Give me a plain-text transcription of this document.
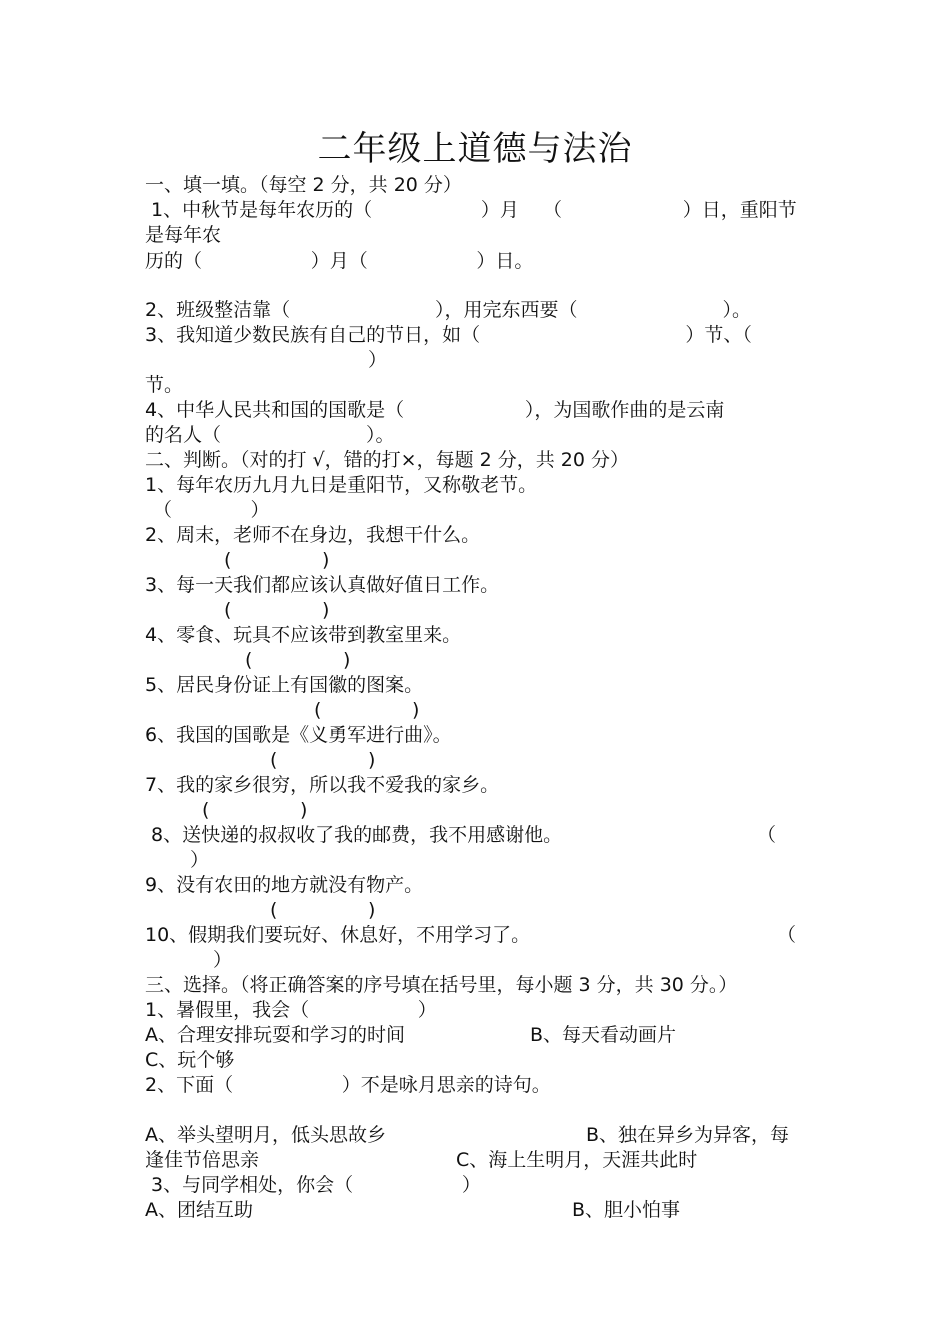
二年级上道德与法治

一、填一填。（每空 2 分，共 20 分）

1、中秋节是每年农历的（                  ）月    （                    ）日，重阳节

是每年农

历的（                  ）月（                  ）日。

2、班级整洁靠（                        ），用完东西要（                        ）。

3、我知道少数民族有自己的节日，如（                                  ）节、（

）

节。

4、中华人民共和国的国歌是（                    ），为国歌作曲的是云南

的名人（                        ）。

二、判断。（对的打 √，错的打×，每题 2 分，共 20 分）

1、每年农历九月九日是重阳节，又称敬老节。

（             ）

2、周末，老师不在身边，我想干什么。

(               )

3、每一天我们都应该认真做好值日工作。

(               )

4、零食、玩具不应该带到教室里来。

(               )

5、居民身份证上有国徽的图案。

(               )

6、我国的国歌是《义勇军进行曲》。

(               )

7、我的家乡很穷，所以我不爱我的家乡。

(               )

8、送快递的叔叔收了我的邮费，我不用感谢他。	（

）

9、没有农田的地方就没有物产。

(               )

10、假期我们要玩好、休息好，不用学习了。	（

）

三、选择。（将正确答案的序号填在括号里，每小题 3 分，共 30 分。）

1、暑假里，我会（                  ）

A、合理安排玩耍和学习的时间	B、每天看动画片

C、玩个够

2、下面（                  ）不是咏月思亲的诗句。

A、举头望明月，低头思故乡	B、独在异乡为异客，每

逢佳节倍思亲	C、海上生明月，天涯共此时

3、与同学相处，你会（                  ）

A、团结互助	B、胆小怕事
